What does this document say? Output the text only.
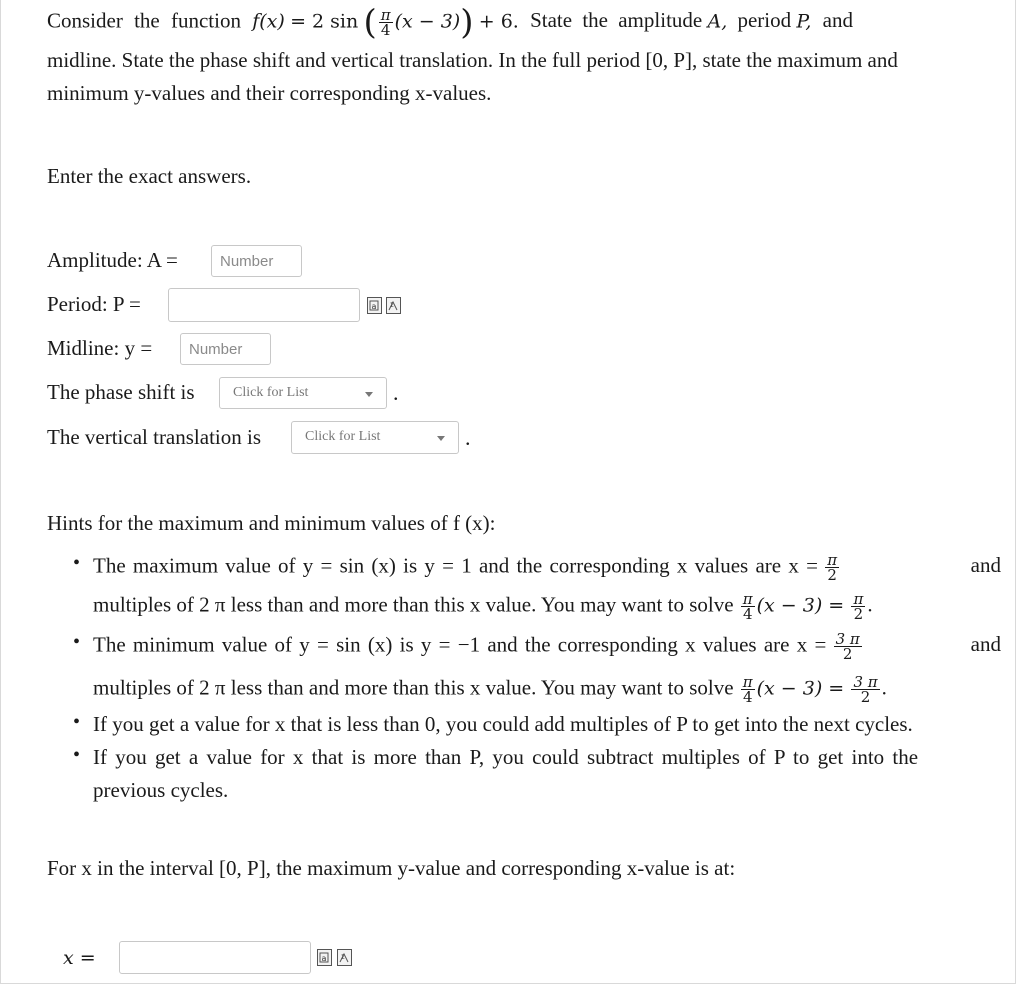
Consider the function f(x) = 2 sin ( $\frac{\pi}{4} (x - 3)) + 6$. State the amplitude A, period P, and
midline. State the phase shift and vertical translation. In the full period [0, P], state the maximum and
minimum y-values and their corresponding x-values.
Enter the exact answers.
Amplitude: A =
Number
Period: P =	a Σ
Midline: y =
Number
The phase shift is	Click for List	.
The vertical translation is	Click for List	.
Hints for the maximum and minimum values of f (x):
• The maximum value of y = sin (x) is y = 1 and the corresponding x values are $x = \frac{\pi}{2}$	and
multiples of 2 π less than and more than this x value. You may want to solve $\frac{\pi}{4} (x - 3) = \frac{\pi}{2}$ .
• The minimum value of y = sin (x) is y = −1 and the corresponding x values are $x = \frac{3 \pi}{2}$	and
multiples of 2 π less than and more than this x value. You may want to solve $\frac{\pi}{4} (x - 3) = \frac{3 \pi}{2}$ .
• If you get a value for x that is less than 0, you could add multiples of P to get into the next cycles.
• If you get a value for x that is more than P, you could subtract multiples of P to get into the
previous cycles.
For x in the interval [0, P], the maximum y-value and corresponding x-value is at:
x =	a Σ
